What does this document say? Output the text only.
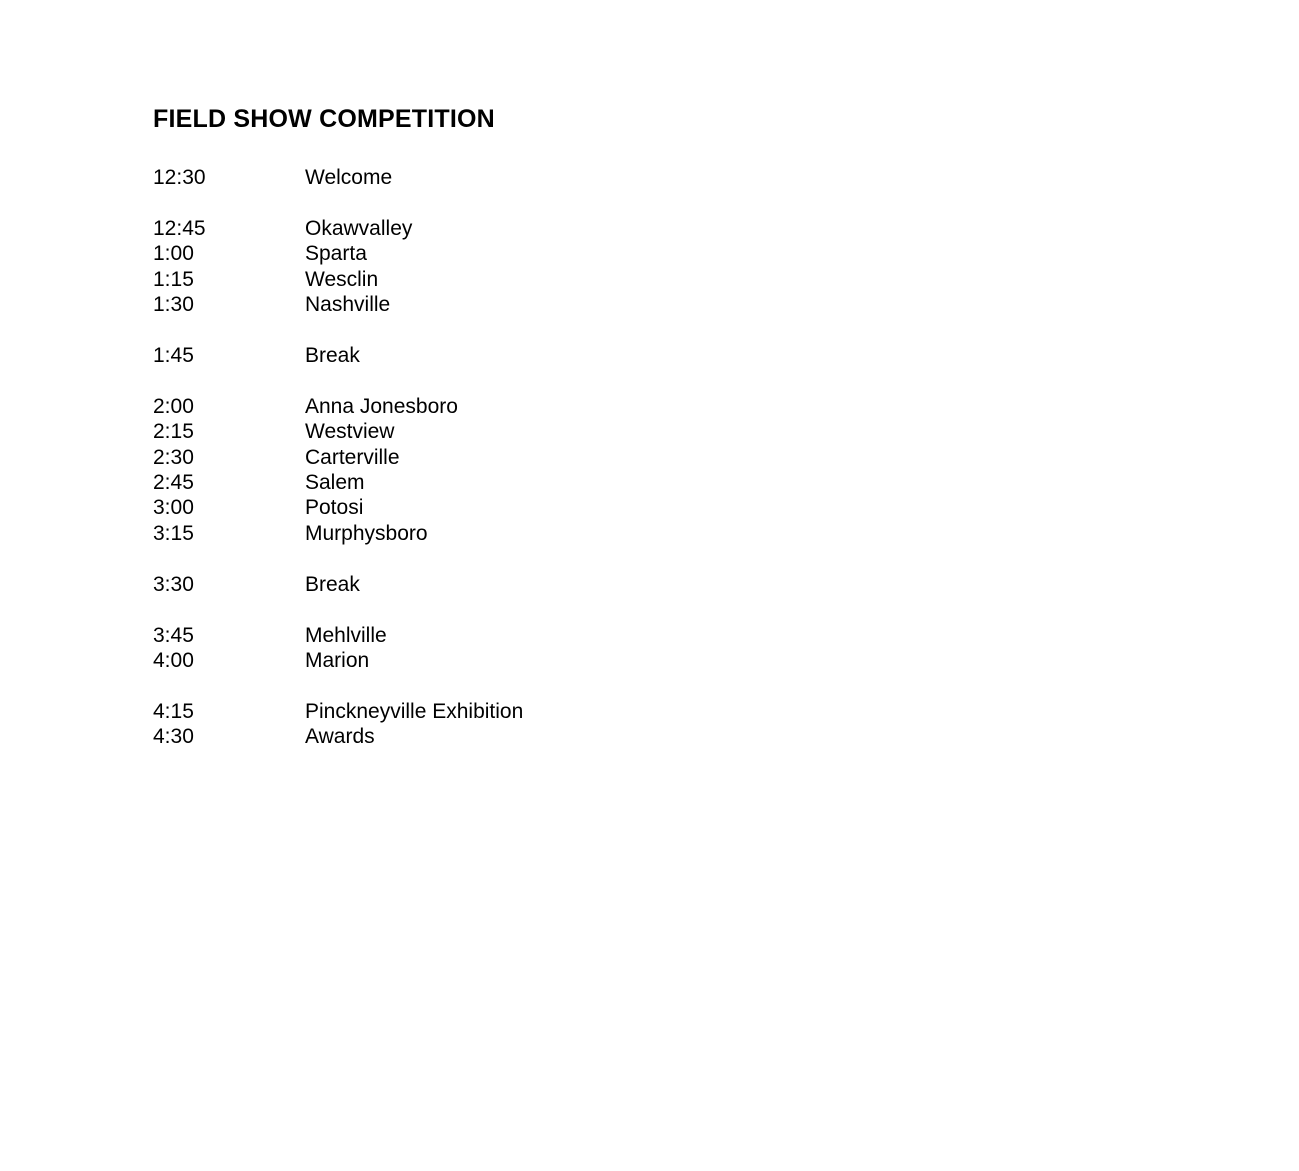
FIELD SHOW COMPETITION
12:30	Welcome
12:45	Okawvalley
1:00	Sparta
1:15	Wesclin
1:30	Nashville
1:45	Break
2:00	Anna Jonesboro
2:15	Westview
2:30	Carterville
2:45	Salem
3:00	Potosi
3:15	Murphysboro
3:30	Break
3:45	Mehlville
4:00	Marion
4:15	Pinckneyville Exhibition
4:30	Awards
